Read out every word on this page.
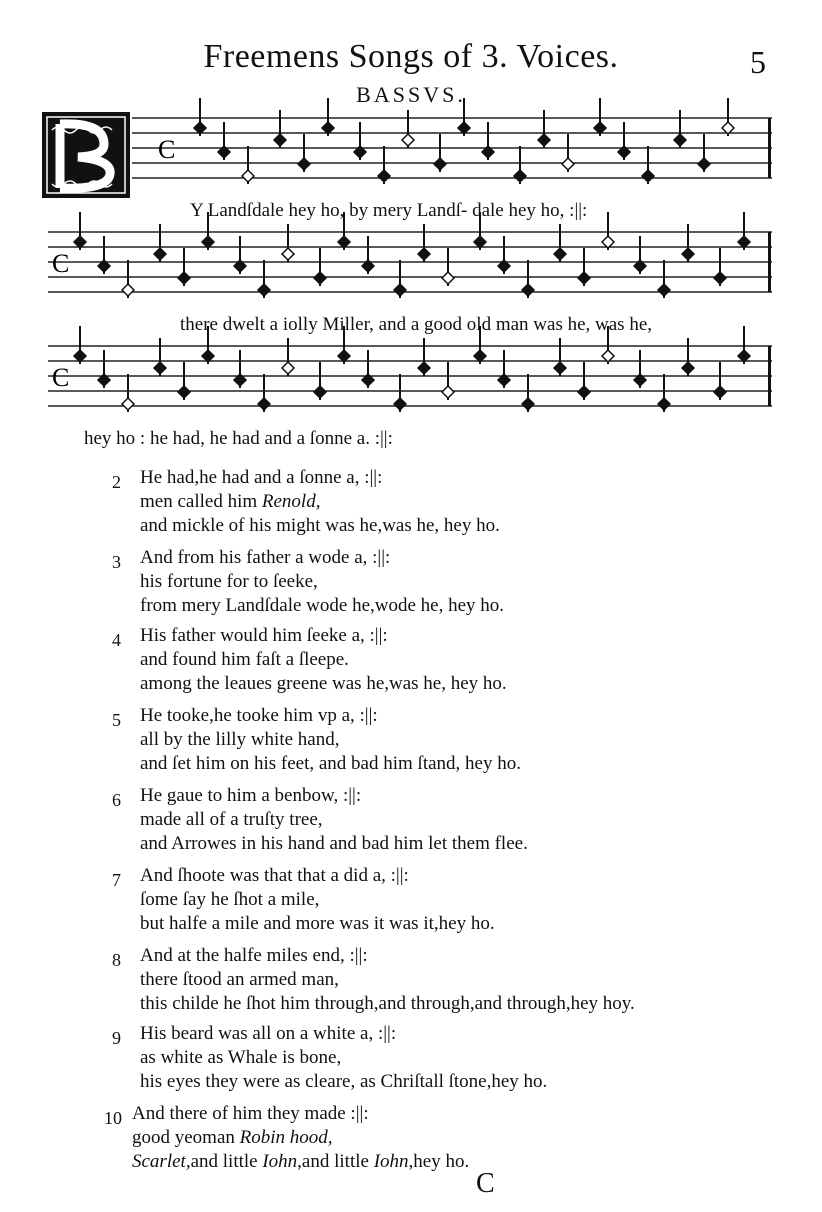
Freemens Songs of 3. Voices.	5
BASSVS.
C
C
C
Y Landſdale hey ho, by mery Landſ- dale hey ho, :||:
there dwelt a iolly Miller, and a good old man was he, was he,
hey ho : he had, he had and a ſonne a. :||:
2	He had,he had and a ſonne a, :||:
men called him Renold,
and mickle of his might was he,was he, hey ho.
3	And from his father a wode a, :||:
his fortune for to ſeeke,
from mery Landſdale wode he,wode he, hey ho.
4	His father would him ſeeke a, :||:
and found him faſt a ſleepe.
among the leaues greene was he,was he, hey ho.
5	He tooke,he tooke him vp a, :||:
all by the lilly white hand,
and ſet him on his feet, and bad him ſtand, hey ho.
6	He gaue to him a benbow, :||:
made all of a truſty tree,
and Arrowes in his hand and bad him let them flee.
7	And ſhoote was that that a did a, :||:
ſome ſay he ſhot a mile,
but halfe a mile and more was it was it,hey ho.
8	And at the halfe miles end, :||:
there ſtood an armed man,
this childe he ſhot him through,and through,and through,hey hoy.
9	His beard was all on a white a, :||:
as white as Whale is bone,
his eyes they were as cleare, as Chriſtall ſtone,hey ho.
10 And there of him they made :||:
good yeoman Robin hood,
Scarlet,and little Iohn,and little Iohn,hey ho.
C
